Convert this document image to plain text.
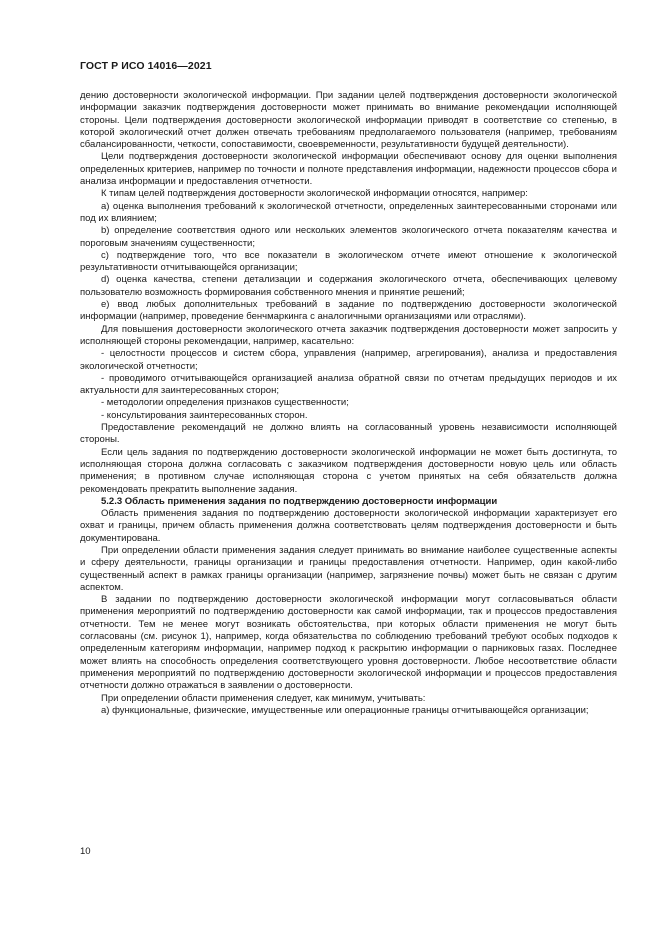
ГОСТ Р ИСО 14016—2021

дению достоверности экологической информации. При задании целей подтверждения достоверности экологической информации заказчик подтверждения достоверности может принимать во внимание рекомендации исполняющей стороны. Цели подтверждения достоверности экологической информации приводят в соответствие со степенью, в которой экологический отчет должен отвечать требованиям предполагаемого пользователя (например, требованиям сбалансированности, четкости, сопоставимости, своевременности, результативности будущей деятельности).

Цели подтверждения достоверности экологической информации обеспечивают основу для оценки выполнения определенных критериев, например по точности и полноте представления информации, надежности процессов сбора и анализа информации и предоставления отчетности.

К типам целей подтверждения достоверности экологической информации относятся, например:

a) оценка выполнения требований к экологической отчетности, определенных заинтересованными сторонами или под их влиянием;

b) определение соответствия одного или нескольких элементов экологического отчета показателям качества и пороговым значениям существенности;

c) подтверждение того, что все показатели в экологическом отчете имеют отношение к экологической результативности отчитывающейся организации;

d) оценка качества, степени детализации и содержания экологического отчета, обеспечивающих целевому пользователю возможность формирования собственного мнения и принятие решений;

e) ввод любых дополнительных требований в задание по подтверждению достоверности экологической информации (например, проведение бенчмаркинга с аналогичными организациями или отраслями).

Для повышения достоверности экологического отчета заказчик подтверждения достоверности может запросить у исполняющей стороны рекомендации, например, касательно:

- целостности процессов и систем сбора, управления (например, агрегирования), анализа и предоставления экологической отчетности;

- проводимого отчитывающейся организацией анализа обратной связи по отчетам предыдущих периодов и их актуальности для заинтересованных сторон;

- методологии определения признаков существенности;

- консультирования заинтересованных сторон.

Предоставление рекомендаций не должно влиять на согласованный уровень независимости исполняющей стороны.

Если цель задания по подтверждению достоверности экологической информации не может быть достигнута, то исполняющая сторона должна согласовать с заказчиком подтверждения достоверности новую цель или область применения; в противном случае исполняющая сторона с учетом принятых на себя обязательств должна рекомендовать прекратить выполнение задания.

5.2.3 Область применения задания по подтверждению достоверности информации

Область применения задания по подтверждению достоверности экологической информации характеризует его охват и границы, причем область применения должна соответствовать целям подтверждения достоверности и быть документирована.

При определении области применения задания следует принимать во внимание наиболее существенные аспекты и сферу деятельности, границы организации и границы предоставления отчетности. Например, один какой-либо существенный аспект в рамках границы организации (например, загрязнение почвы) может быть не связан с другим аспектом.

В задании по подтверждению достоверности экологической информации могут согласовываться области применения мероприятий по подтверждению достоверности как самой информации, так и процессов предоставления отчетности. Тем не менее могут возникать обстоятельства, при которых области применения не могут быть согласованы (см. рисунок 1), например, когда обязательства по соблюдению требований требуют особых подходов к определенным категориям информации, например подход к раскрытию информации о парниковых газах. Последнее может влиять на способность определения соответствующего уровня достоверности. Любое несоответствие области применения мероприятий по подтверждению достоверности экологической информации и процессов предоставления отчетности должно отражаться в заявлении о достоверности.

При определении области применения следует, как минимум, учитывать:

a) функциональные, физические, имущественные или операционные границы отчитывающейся организации;

10
